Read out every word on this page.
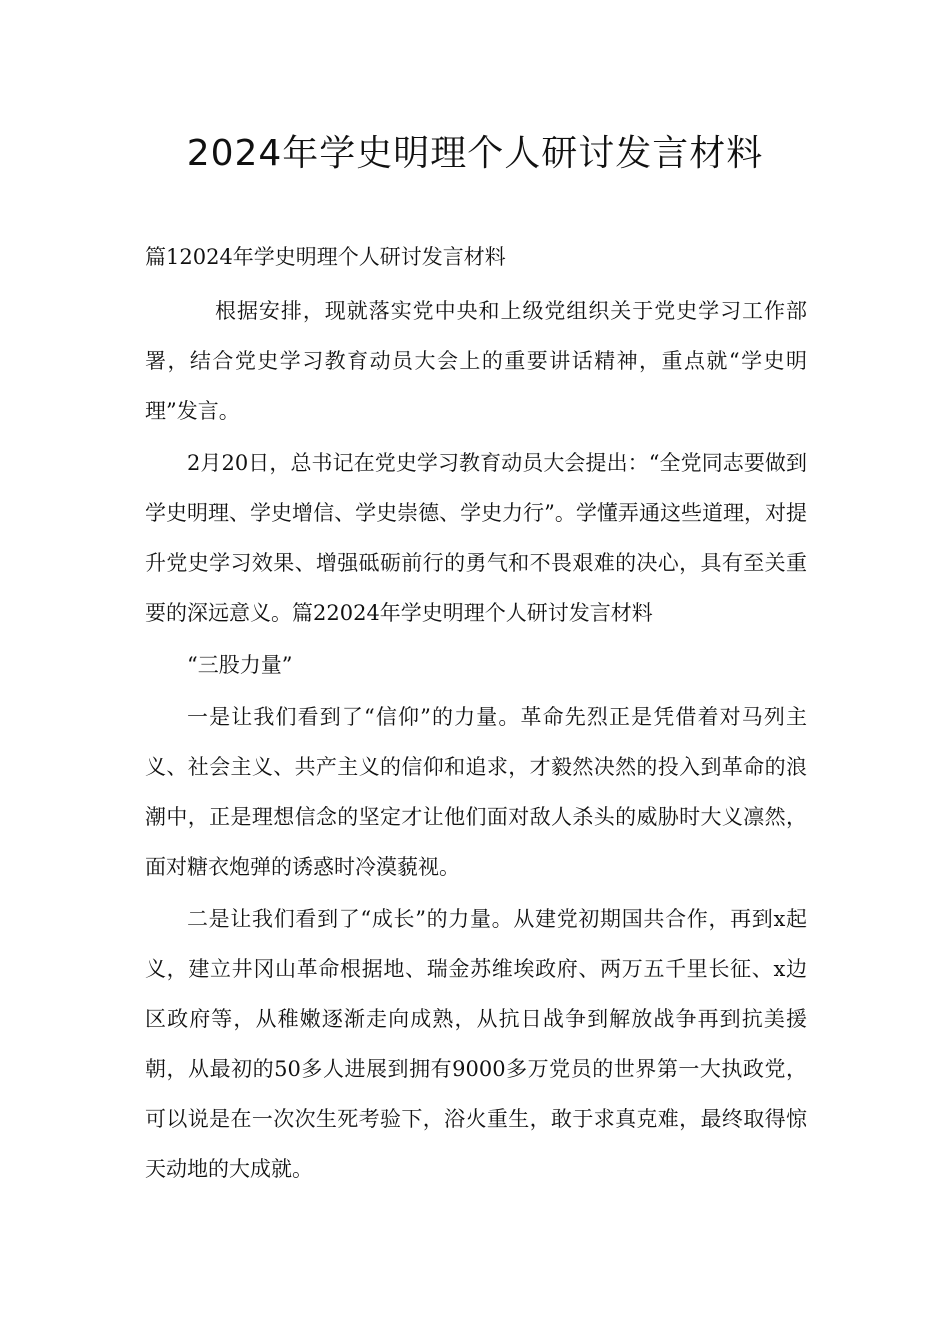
2024年学史明理个人研讨发言材料

篇12024年学史明理个人研讨发言材料

根据安排，现就落实党中央和上级党组织关于党史学习工作部署，结合党史学习教育动员大会上的重要讲话精神，重点就“学史明理”发言。

2月20日，总书记在党史学习教育动员大会提出：“全党同志要做到学史明理、学史增信、学史崇德、学史力行”。学懂弄通这些道理，对提升党史学习效果、增强砥砺前行的勇气和不畏艰难的决心，具有至关重要的深远意义。篇22024年学史明理个人研讨发言材料

“三股力量”

一是让我们看到了“信仰”的力量。革命先烈正是凭借着对马列主义、社会主义、共产主义的信仰和追求，才毅然决然的投入到革命的浪潮中，正是理想信念的坚定才让他们面对敌人杀头的威胁时大义凛然，面对糖衣炮弹的诱惑时冷漠藐视。

二是让我们看到了“成长”的力量。从建党初期国共合作，再到x起义，建立井冈山革命根据地、瑞金苏维埃政府、两万五千里长征、x边区政府等，从稚嫩逐渐走向成熟，从抗日战争到解放战争再到抗美援朝，从最初的50多人进展到拥有9000多万党员的世界第一大执政党，可以说是在一次次生死考验下，浴火重生，敢于求真克难，最终取得惊天动地的大成就。
